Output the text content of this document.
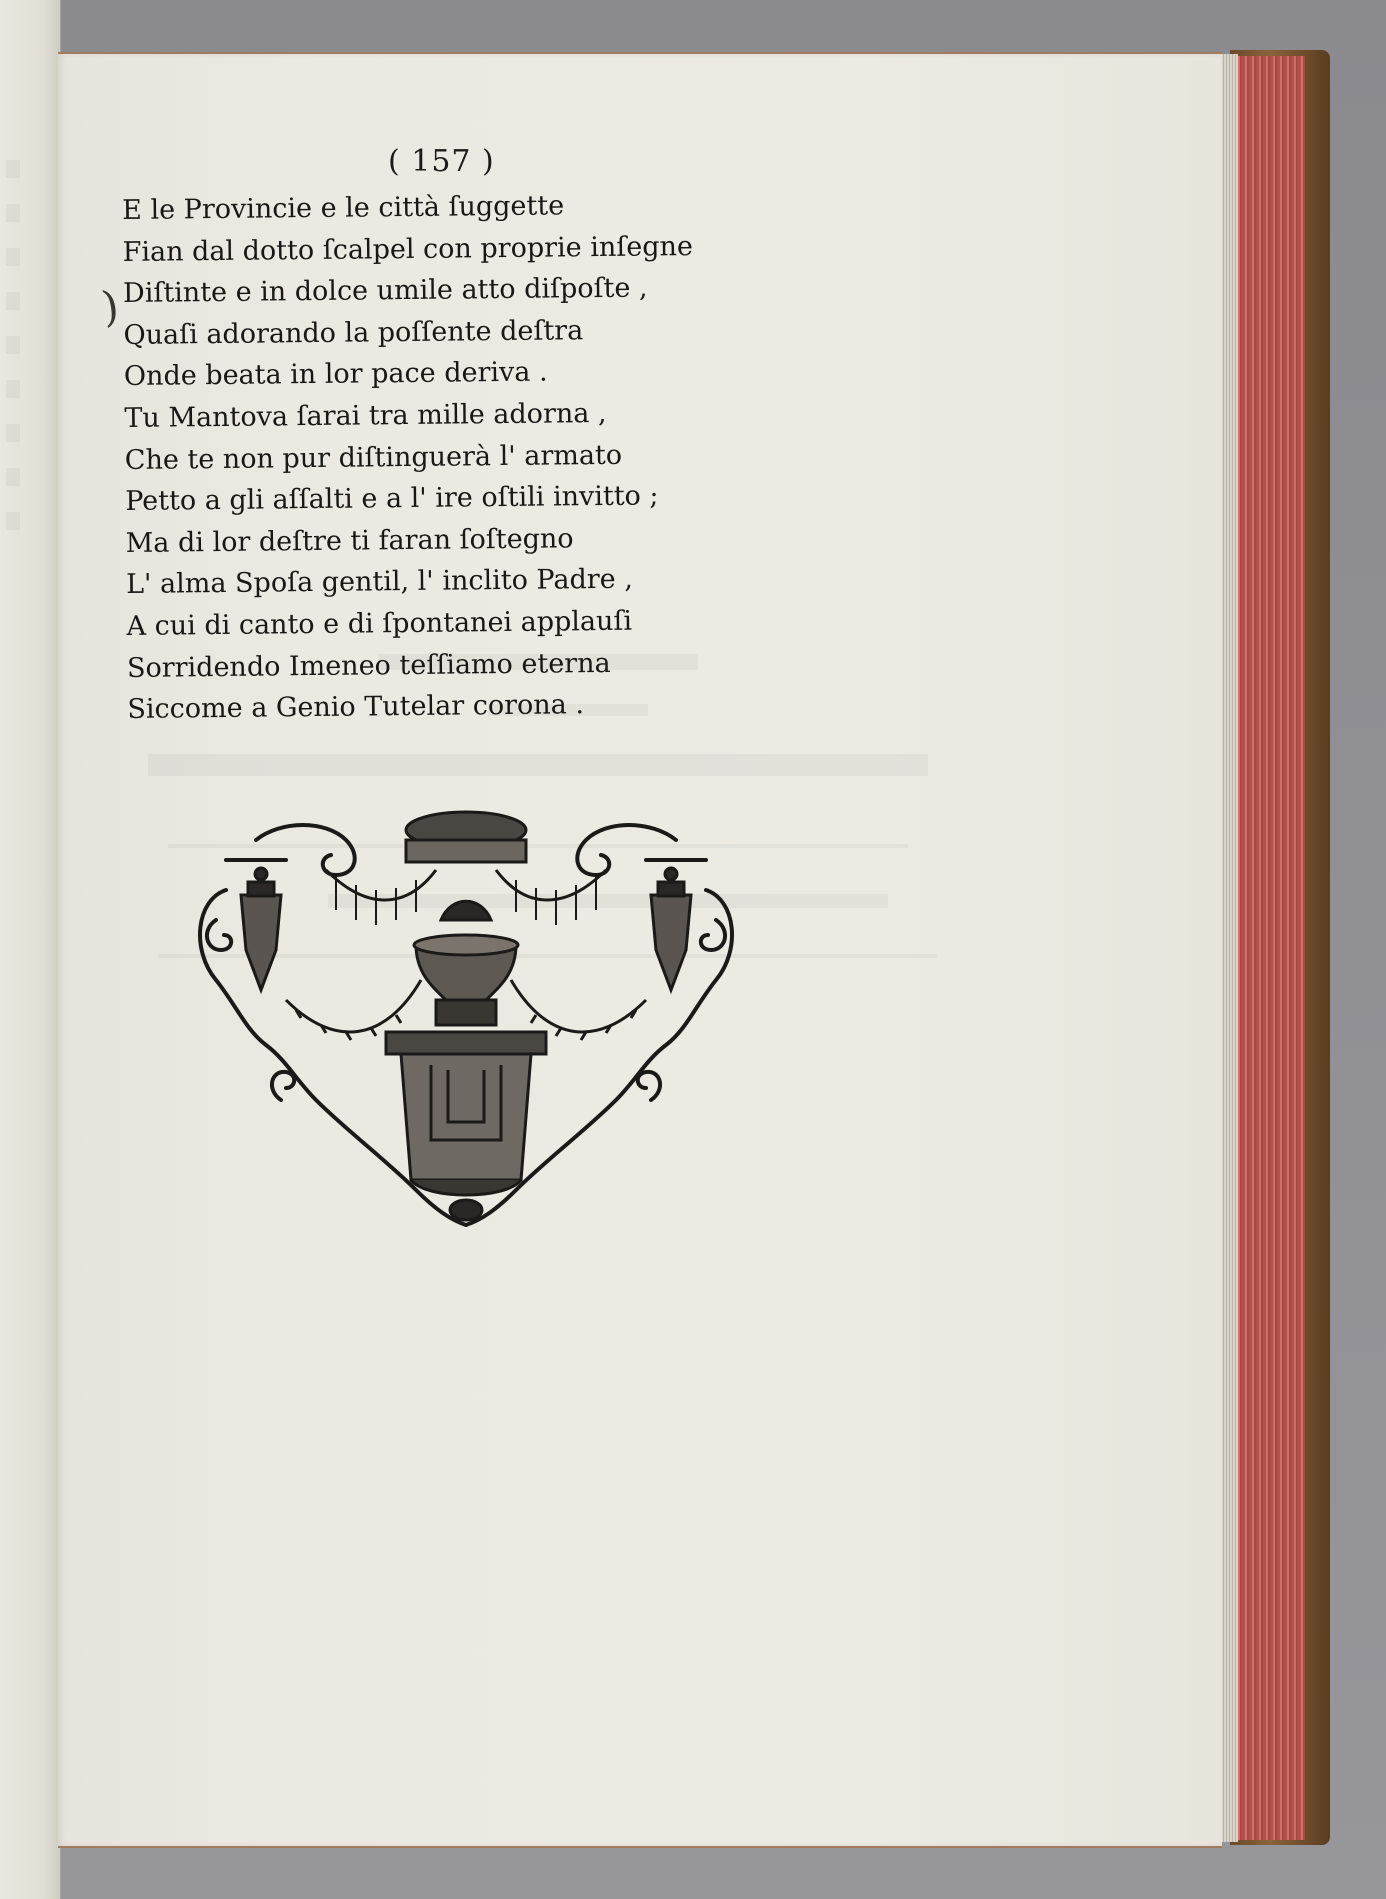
( 157 )
)
E le Provincie e le città ſuggette
Fian dal dotto ſcalpel con proprie inſegne
Diſtinte e in dolce umile atto diſpoſte ,
Quaſi adorando la poſſente deſtra
Onde beata in lor pace deriva .
Tu Mantova ſarai tra mille adorna ,
Che te non pur diſtinguerà l' armato
Petto a gli aſſalti e a l' ire oſtili invitto ;
Ma di lor deſtre ti faran ſoſtegno
L' alma Spoſa gentil, l' inclito Padre ,
A cui di canto e di ſpontanei applauſi
Sorridendo Imeneo teſſiamo eterna
Siccome a Genio Tutelar corona .
